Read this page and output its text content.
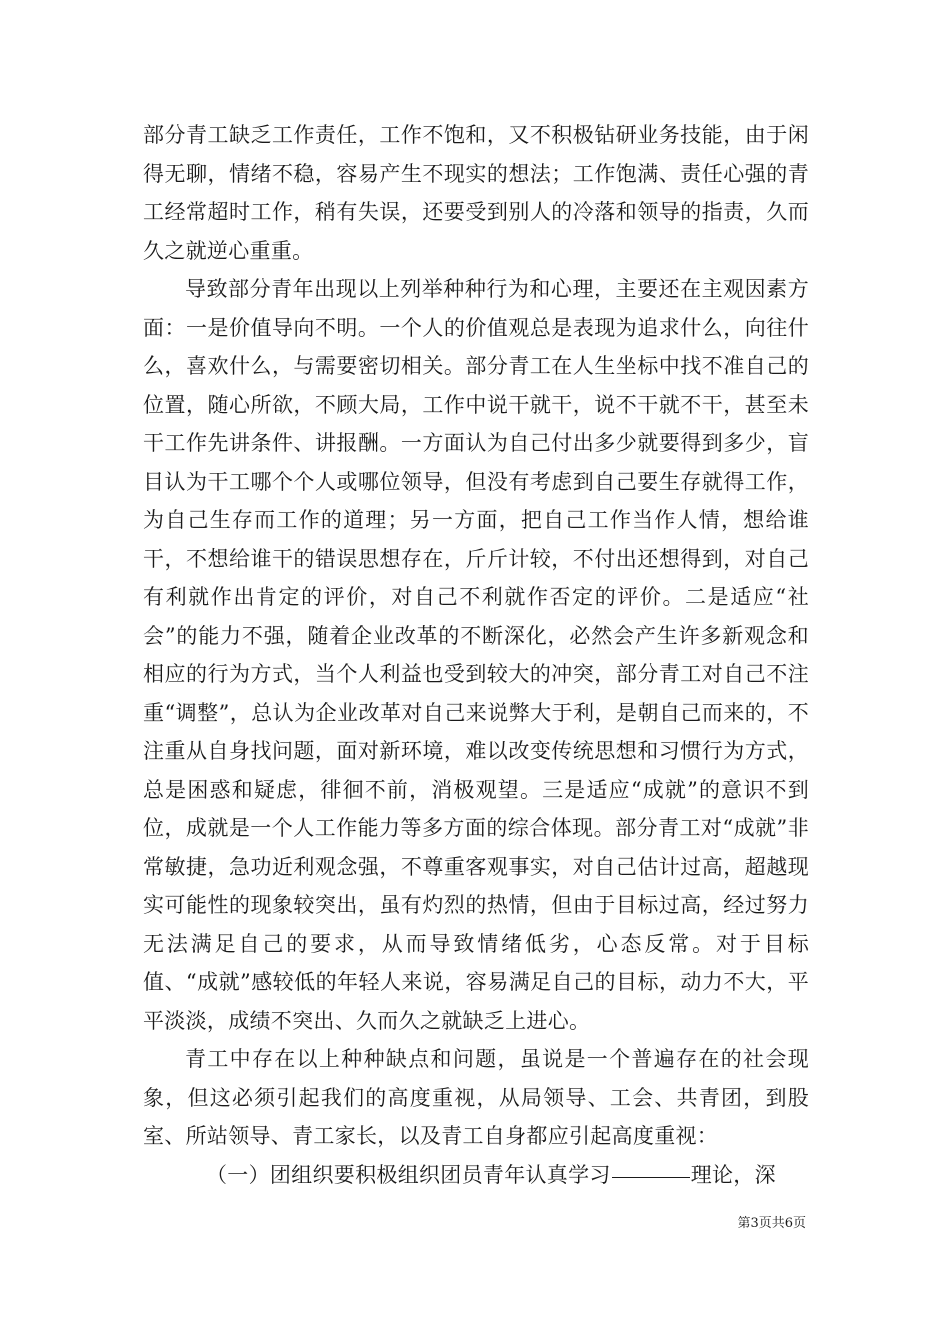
部分青工缺乏工作责任，工作不饱和，又不积极钻研业务技能，由于闲得无聊，情绪不稳，容易产生不现实的想法；工作饱满、责任心强的青工经常超时工作，稍有失误，还要受到别人的冷落和领导的指责，久而久之就逆心重重。

导致部分青年出现以上列举种种行为和心理，主要还在主观因素方面：一是价值导向不明。一个人的价值观总是表现为追求什么，向往什么，喜欢什么，与需要密切相关。部分青工在人生坐标中找不准自己的位置，随心所欲，不顾大局，工作中说干就干，说不干就不干，甚至未干工作先讲条件、讲报酬。一方面认为自己付出多少就要得到多少，盲目认为干工哪个个人或哪位领导，但没有考虑到自己要生存就得工作，为自己生存而工作的道理；另一方面，把自己工作当作人情，想给谁干，不想给谁干的错误思想存在，斤斤计较，不付出还想得到，对自己有利就作出肯定的评价，对自己不利就作否定的评价。二是适应“社会”的能力不强，随着企业改革的不断深化，必然会产生许多新观念和相应的行为方式，当个人利益也受到较大的冲突，部分青工对自己不注重“调整”，总认为企业改革对自己来说弊大于利，是朝自己而来的，不注重从自身找问题，面对新环境，难以改变传统思想和习惯行为方式，总是困惑和疑虑，徘徊不前，消极观望。三是适应“成就”的意识不到位，成就是一个人工作能力等多方面的综合体现。部分青工对“成就”非常敏捷，急功近利观念强，不尊重客观事实，对自己估计过高，超越现实可能性的现象较突出，虽有灼烈的热情，但由于目标过高，经过努力无法满足自己的要求，从而导致情绪低劣，心态反常。对于目标值、“成就”感较低的年轻人来说，容易满足自己的目标，动力不大，平平淡淡，成绩不突出、久而久之就缺乏上进心。

青工中存在以上种种缺点和问题，虽说是一个普遍存在的社会现象，但这必须引起我们的高度重视，从局领导、工会、共青团，到股室、所站领导、青工家长，以及青工自身都应引起高度重视：

（一）团组织要积极组织团员青年认真学习	理论，深

第3页共6页
